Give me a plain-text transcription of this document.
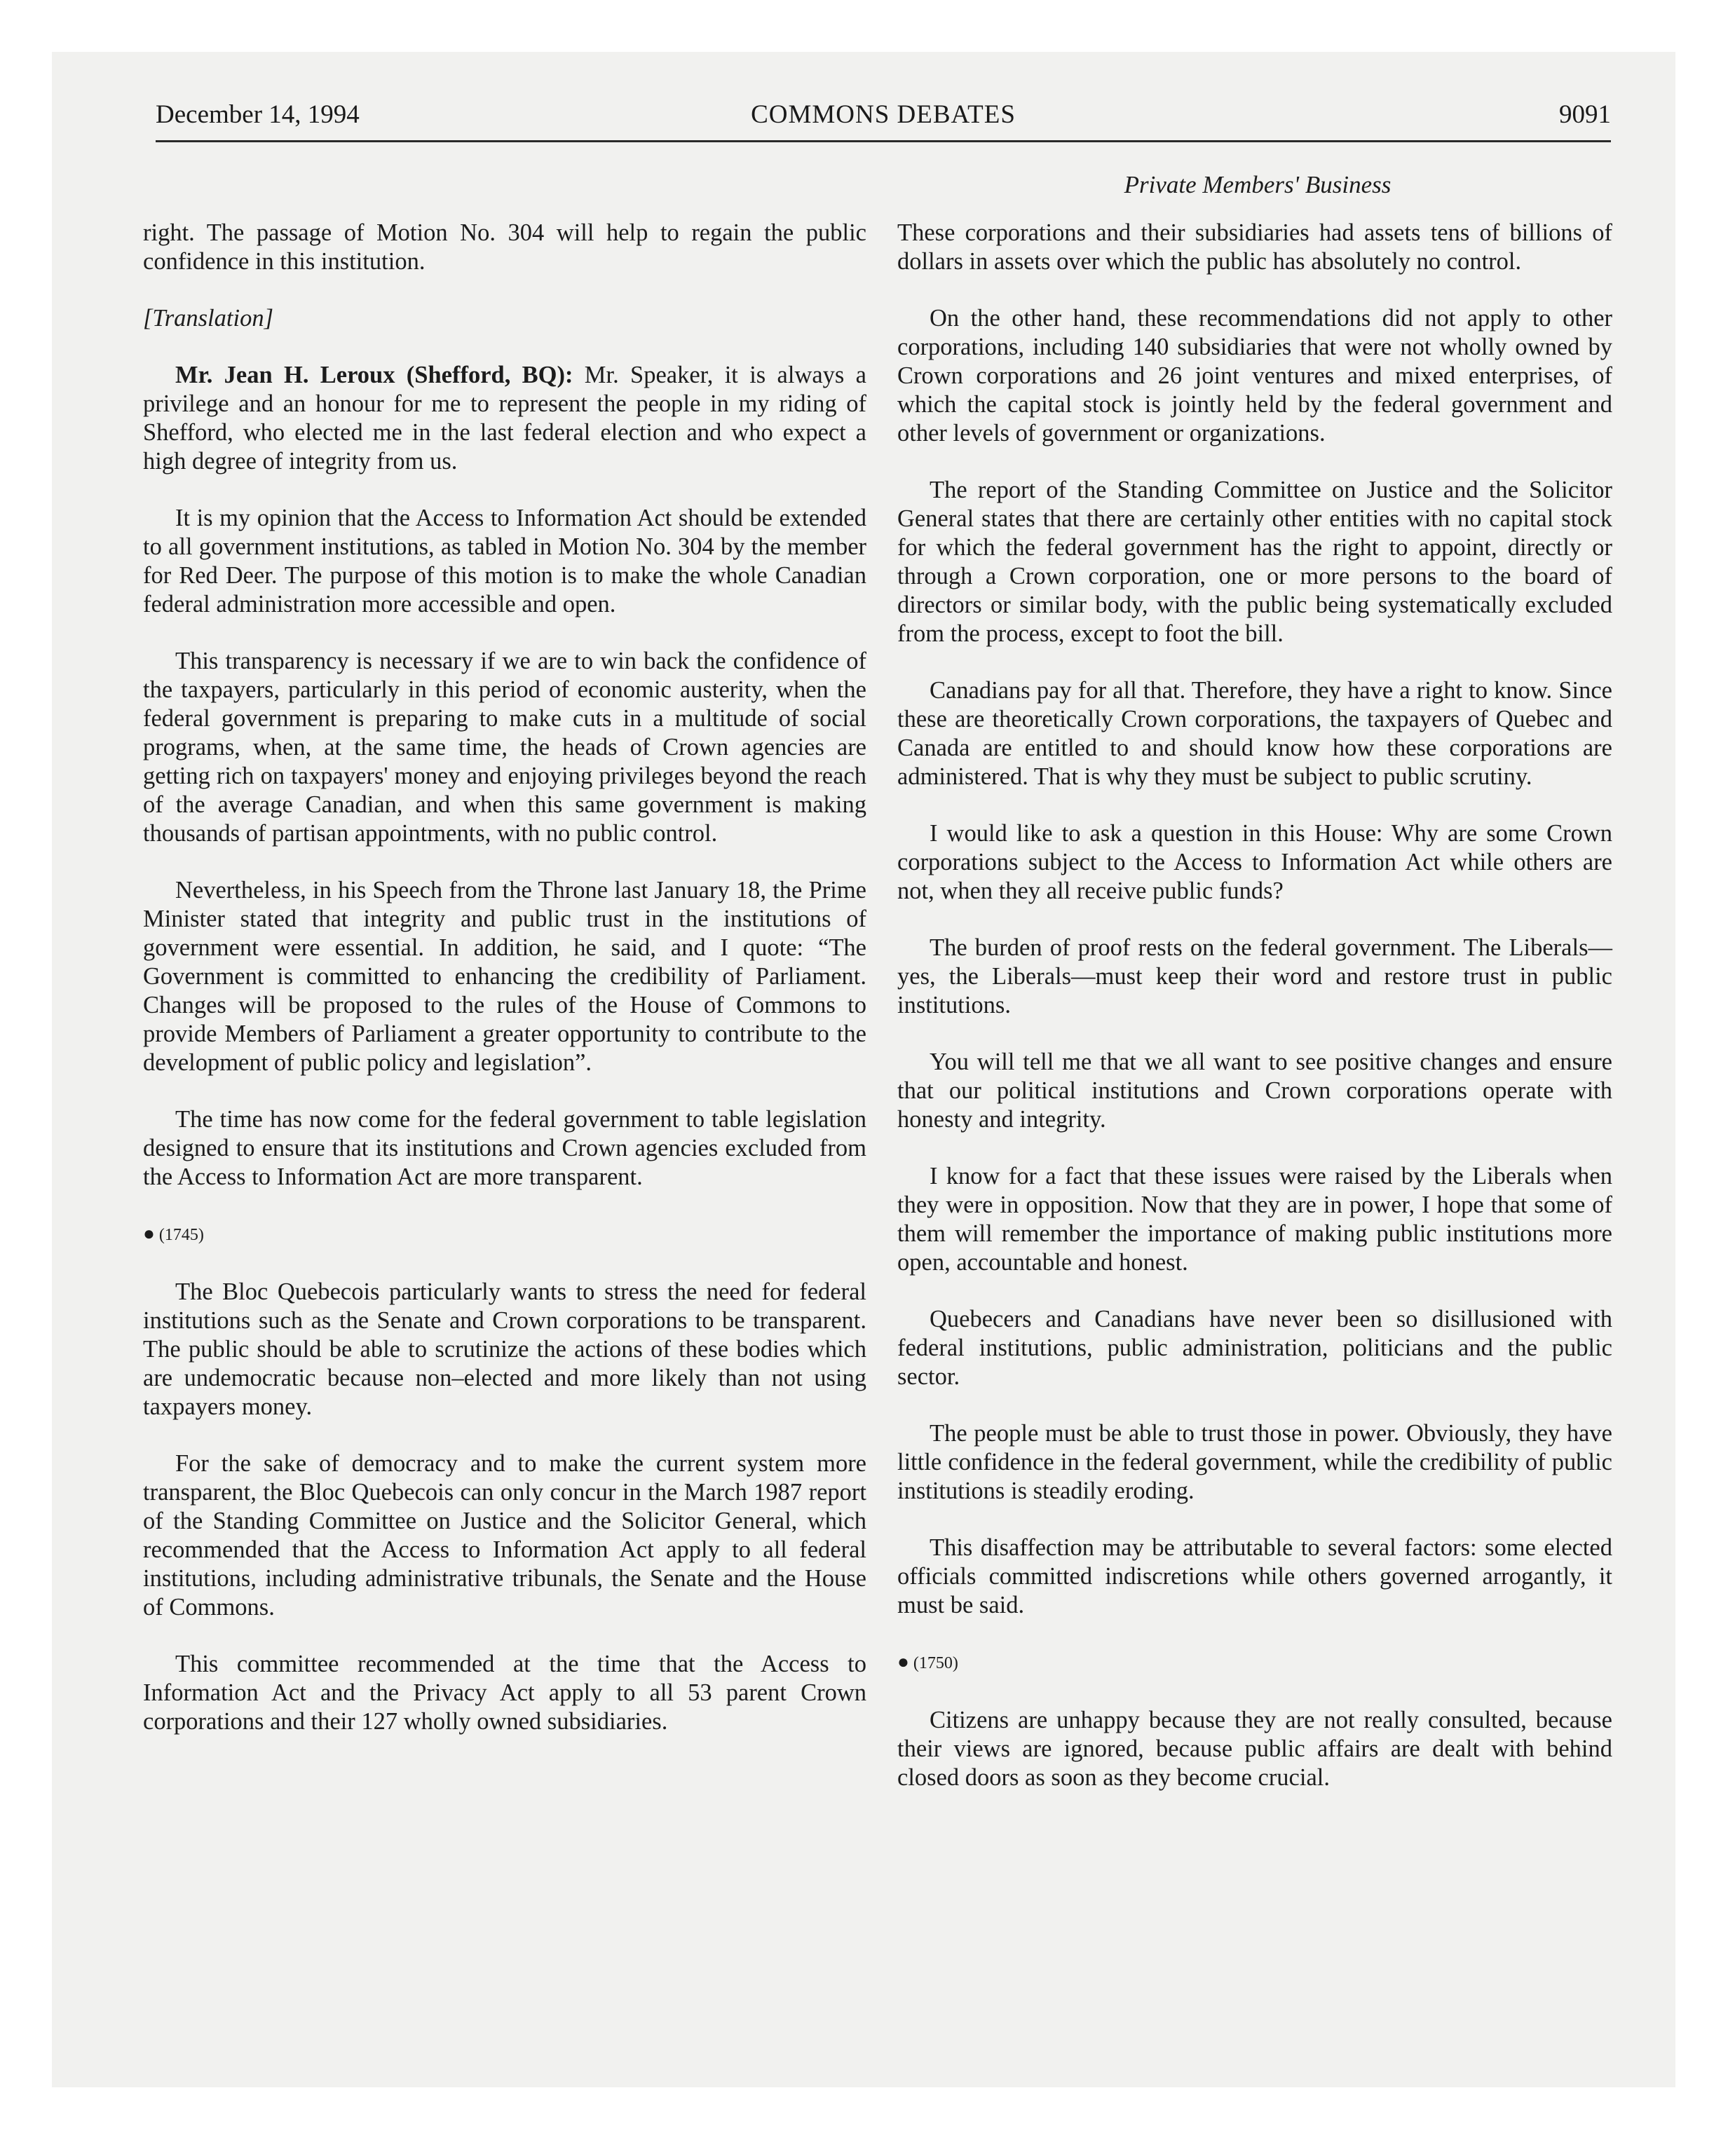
December 14, 1994	COMMONS DEBATES	9091
Private Members' Business

right. The passage of Motion No. 304 will help to regain the public confidence in this institution.

[Translation]

Mr. Jean H. Leroux (Shefford, BQ): Mr. Speaker, it is always a privilege and an honour for me to represent the people in my riding of Shefford, who elected me in the last federal election and who expect a high degree of integrity from us.

It is my opinion that the Access to Information Act should be extended to all government institutions, as tabled in Motion No. 304 by the member for Red Deer. The purpose of this motion is to make the whole Canadian federal administration more accessible and open.

This transparency is necessary if we are to win back the confidence of the taxpayers, particularly in this period of economic austerity, when the federal government is preparing to make cuts in a multitude of social programs, when, at the same time, the heads of Crown agencies are getting rich on taxpayers' money and enjoying privileges beyond the reach of the average Canadian, and when this same government is making thousands of partisan appointments, with no public control.

Nevertheless, in his Speech from the Throne last January 18, the Prime Minister stated that integrity and public trust in the institutions of government were essential. In addition, he said, and I quote: “The Government is committed to enhancing the credibility of Parliament. Changes will be proposed to the rules of the House of Commons to provide Members of Parliament a greater opportunity to contribute to the development of public policy and legislation”.

The time has now come for the federal government to table legislation designed to ensure that its institutions and Crown agencies excluded from the Access to Information Act are more transparent.

● (1745)

The Bloc Quebecois particularly wants to stress the need for federal institutions such as the Senate and Crown corporations to be transparent. The public should be able to scrutinize the actions of these bodies which are undemocratic because non–elected and more likely than not using taxpayers money.

For the sake of democracy and to make the current system more transparent, the Bloc Quebecois can only concur in the March 1987 report of the Standing Committee on Justice and the Solicitor General, which recommended that the Access to Information Act apply to all federal institutions, including administrative tribunals, the Senate and the House of Commons.

This committee recommended at the time that the Access to Information Act and the Privacy Act apply to all 53 parent Crown corporations and their 127 wholly owned subsidiaries.

These corporations and their subsidiaries had assets tens of billions of dollars in assets over which the public has absolutely no control.

On the other hand, these recommendations did not apply to other corporations, including 140 subsidiaries that were not wholly owned by Crown corporations and 26 joint ventures and mixed enterprises, of which the capital stock is jointly held by the federal government and other levels of government or organizations.

The report of the Standing Committee on Justice and the Solicitor General states that there are certainly other entities with no capital stock for which the federal government has the right to appoint, directly or through a Crown corporation, one or more persons to the board of directors or similar body, with the public being systematically excluded from the process, except to foot the bill.

Canadians pay for all that. Therefore, they have a right to know. Since these are theoretically Crown corporations, the taxpayers of Quebec and Canada are entitled to and should know how these corporations are administered. That is why they must be subject to public scrutiny.

I would like to ask a question in this House: Why are some Crown corporations subject to the Access to Information Act while others are not, when they all receive public funds?

The burden of proof rests on the federal government. The Liberals—yes, the Liberals—must keep their word and restore trust in public institutions.

You will tell me that we all want to see positive changes and ensure that our political institutions and Crown corporations operate with honesty and integrity.

I know for a fact that these issues were raised by the Liberals when they were in opposition. Now that they are in power, I hope that some of them will remember the importance of making public institutions more open, accountable and honest.

Quebecers and Canadians have never been so disillusioned with federal institutions, public administration, politicians and the public sector.

The people must be able to trust those in power. Obviously, they have little confidence in the federal government, while the credibility of public institutions is steadily eroding.

This disaffection may be attributable to several factors: some elected officials committed indiscretions while others governed arrogantly, it must be said.

● (1750)

Citizens are unhappy because they are not really consulted, because their views are ignored, because public affairs are dealt with behind closed doors as soon as they become crucial.
